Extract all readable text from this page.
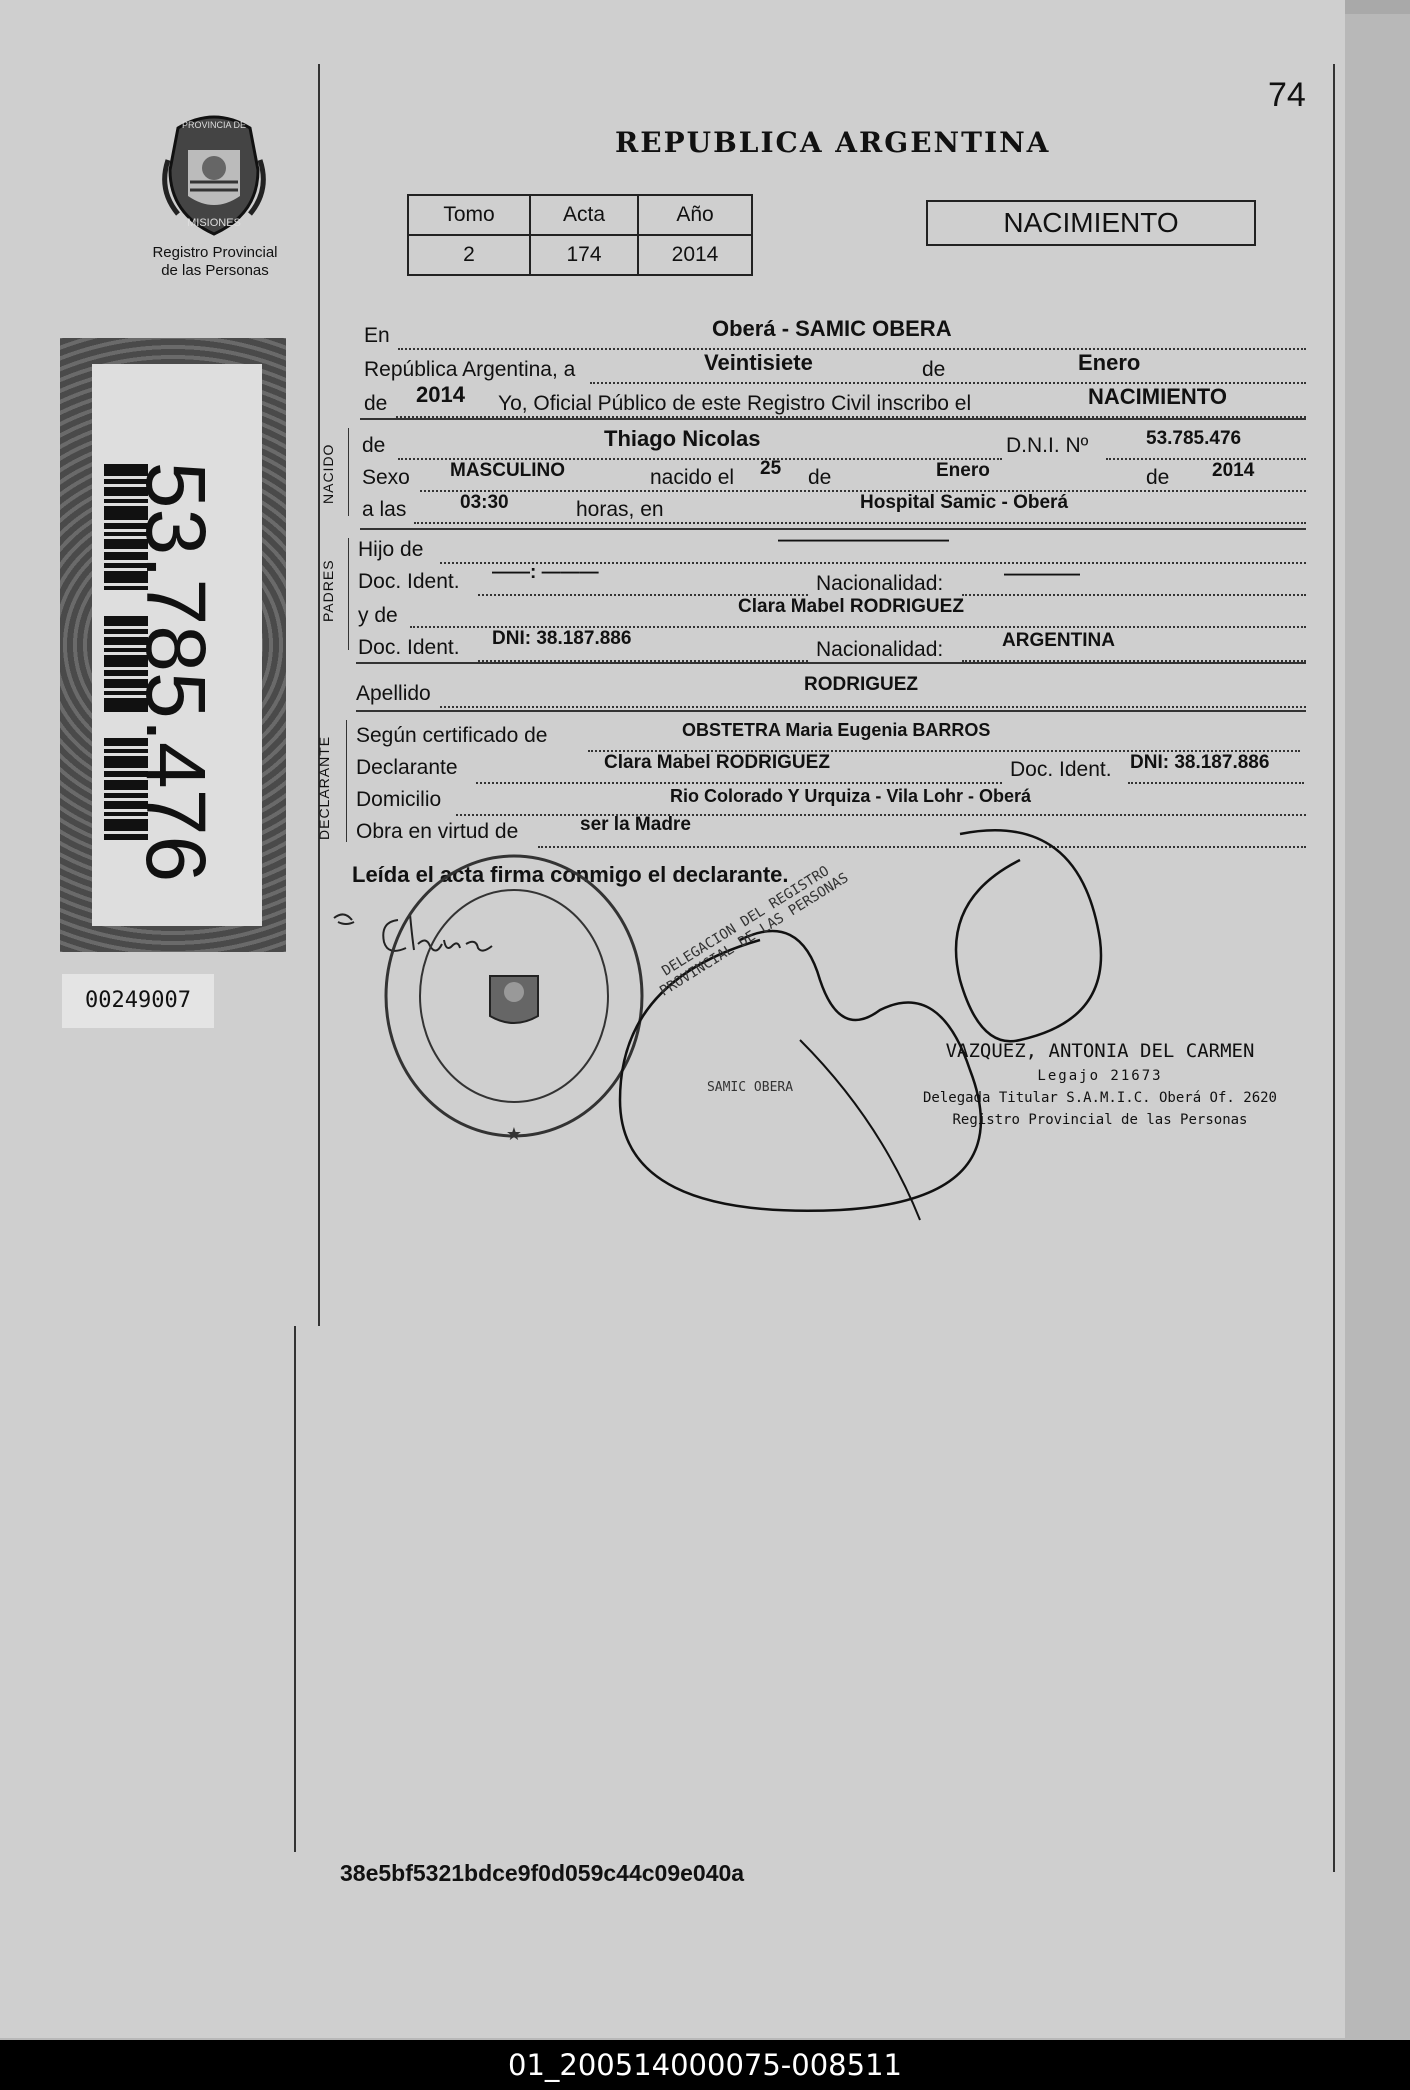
74
REPUBLICA ARGENTINA
PROVINCIA DE
MISIONES
Registro Provincial
de las Personas
Tomo	Acta	Año
2	174	2014
NACIMIENTO
53.785.476
00249007
En	Oberá - SAMIC OBERA
República Argentina, a	Veintisiete	de	Enero
de 2014 Yo, Oficial Público de este Registro Civil inscribo el	NACIMIENTO
NACIDO de	Thiago Nicolas	D.N.I. Nº	53.785.476
Sexo MASCULINO	nacido el 25 de	Enero	de 2014
a las	03:30	horas, en	Hospital Samic - Oberá
PADRES
Hijo de	—————————
Doc. Ident. ——: ———	Nacionalidad:	————
y de	Clara Mabel RODRIGUEZ
Doc. Ident. DNI: 38.187.886	Nacionalidad:	ARGENTINA
Apellido	RODRIGUEZ
DECLARANTE
Según certificado de	OBSTETRA Maria Eugenia BARROS
Declarante	Clara Mabel RODRIGUEZ	Doc. Ident. DNI: 38.187.886
Domicilio	Rio Colorado Y Urquiza - Vila Lohr - Oberá
Obra en virtud de	ser la Madre
Leída el acta firma conmigo el declarante.
★
DELEGACION DEL REGISTRO PROVINCIAL DE LAS PERSONAS
SAMIC OBERA
VAZQUEZ, ANTONIA DEL CARMEN
Legajo 21673
Delegada Titular S.A.M.I.C. Oberá Of. 2620
Registro Provincial de las Personas
38e5bf5321bdce9f0d059c44c09e040a
01_200514000075-008511
